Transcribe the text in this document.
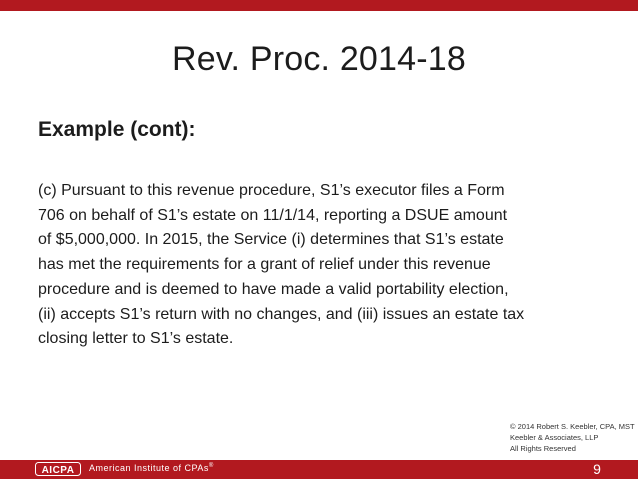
Rev. Proc. 2014-18
Example (cont):
(c) Pursuant to this revenue procedure, S1’s executor files a Form
706 on behalf of S1’s estate on 11/1/14, reporting a DSUE amount
of $5,000,000. In 2015, the Service (i) determines that S1’s estate
has met the requirements for a grant of relief under this revenue
procedure and is deemed to have made a valid portability election,
(ii) accepts S1’s return with no changes, and (iii) issues an estate tax
closing letter to S1’s estate.
© 2014 Robert S. Keebler, CPA, MST
Keebler & Associates, LLP
All Rights Reserved
AICPA American Institute of CPAs®	9
